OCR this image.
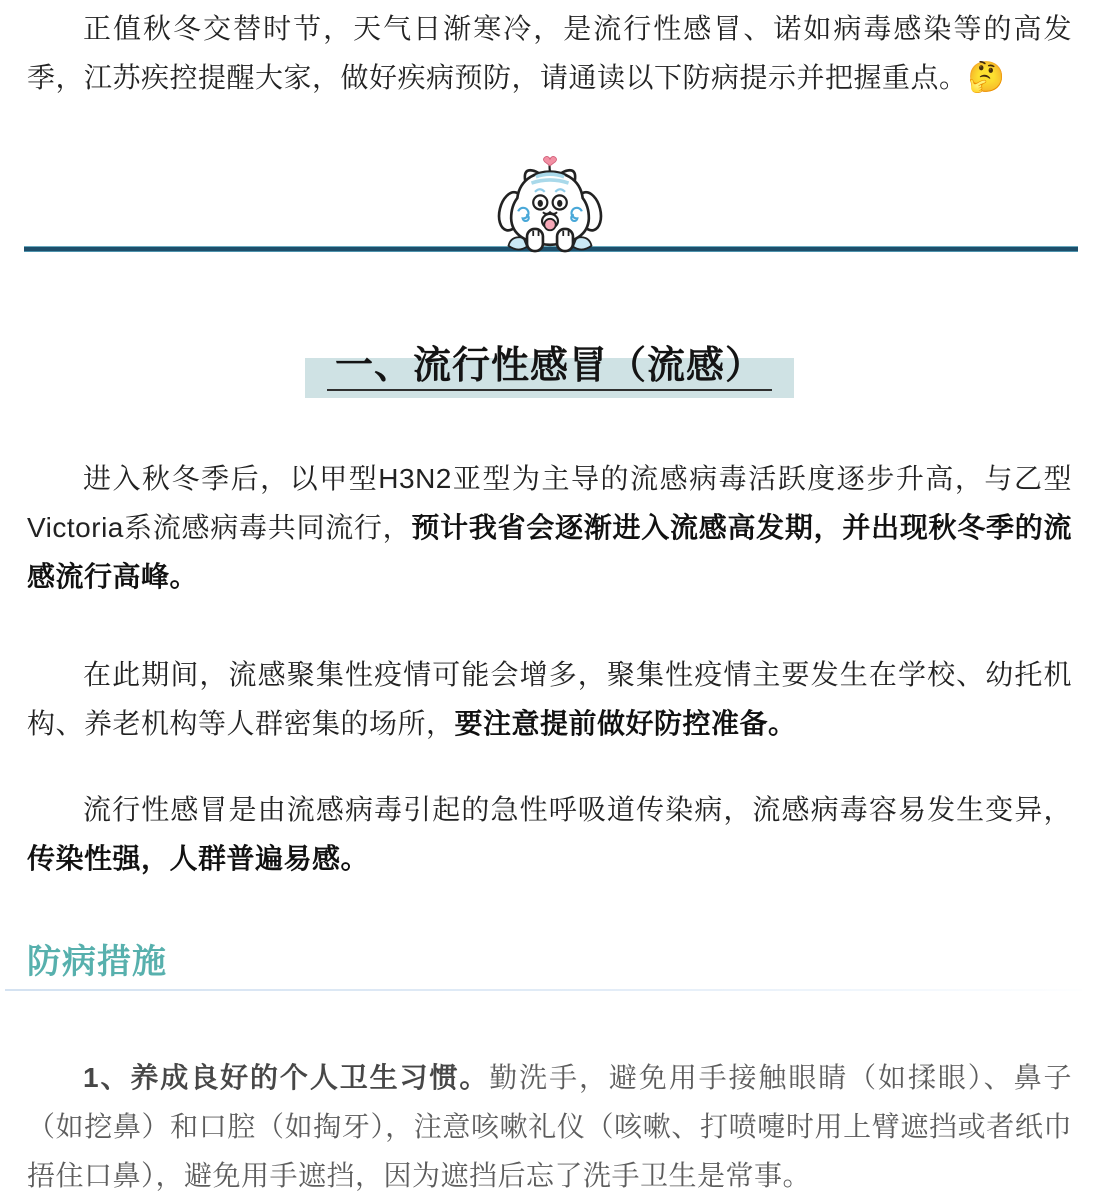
正值秋冬交替时节，天气日渐寒冷，是流行性感冒、诺如病毒感染等的高发季，江苏疾控提醒大家，做好疾病预防，请通读以下防病提示并把握重点。🤔

一、流行性感冒（流感）

进入秋冬季后，以甲型H3N2亚型为主导的流感病毒活跃度逐步升高，与乙型Victoria系流感病毒共同流行，预计我省会逐渐进入流感高发期，并出现秋冬季的流感流行高峰。

在此期间，流感聚集性疫情可能会增多，聚集性疫情主要发生在学校、幼托机构、养老机构等人群密集的场所，要注意提前做好防控准备。

流行性感冒是由流感病毒引起的急性呼吸道传染病，流感病毒容易发生变异，传染性强，人群普遍易感。

防病措施

1、养成良好的个人卫生习惯。勤洗手，避免用手接触眼睛（如揉眼）、鼻子（如挖鼻）和口腔（如掏牙），注意咳嗽礼仪（咳嗽、打喷嚏时用上臂遮挡或者纸巾捂住口鼻），避免用手遮挡，因为遮挡后忘了洗手卫生是常事。
